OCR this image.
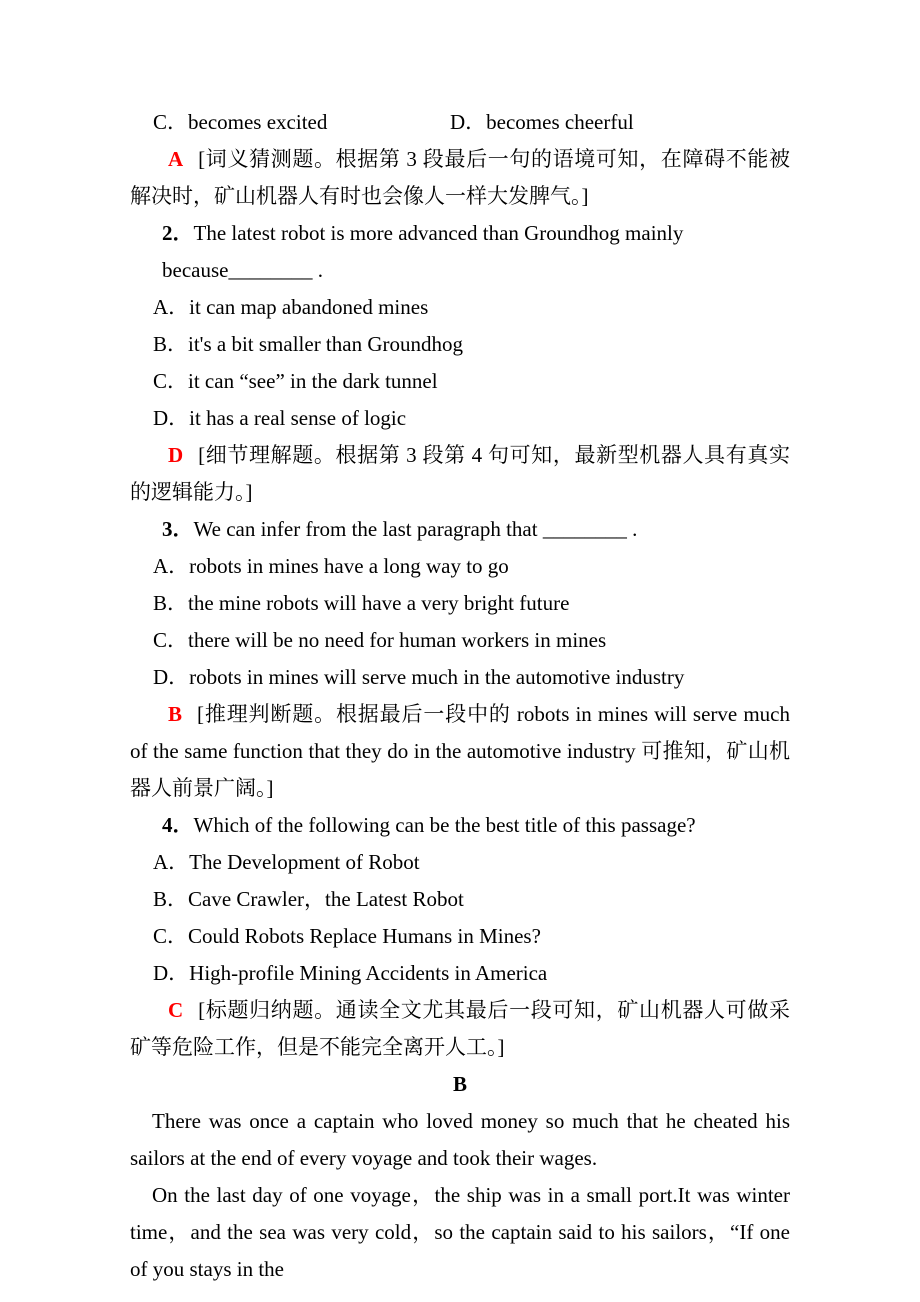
C．becomes excited	D．becomes cheerful

A [词义猜测题。根据第 3 段最后一句的语境可知，在障碍不能被解决时，矿山机器人有时也会像人一样大发脾气。]

2．The latest robot is more advanced than Groundhog mainly because________ .

A．it can map abandoned mines

B．it's a bit smaller than Groundhog

C．it can “see” in the dark tunnel

D．it has a real sense of logic

D [细节理解题。根据第 3 段第 4 句可知，最新型机器人具有真实的逻辑能力。]

3．We can infer from the last paragraph that ________ .

A．robots in mines have a long way to go

B．the mine robots will have a very bright future

C．there will be no need for human workers in mines

D．robots in mines will serve much in the automotive industry

B [推理判断题。根据最后一段中的 robots in mines will serve much of the same function that they do in the automotive industry 可推知，矿山机器人前景广阔。]

4．Which of the following can be the best title of this passage?

A．The Development of Robot

B．Cave Crawler，the Latest Robot

C．Could Robots Replace Humans in Mines?

D．High-profile Mining Accidents in America

C [标题归纳题。通读全文尤其最后一段可知，矿山机器人可做采矿等危险工作，但是不能完全离开人工。]

B

There was once a captain who loved money so much that he cheated his sailors at the end of every voyage and took their wages.

On the last day of one voyage，the ship was in a small port.It was winter time，and the sea was very cold，so the captain said to his sailors，“If one of you stays in the
